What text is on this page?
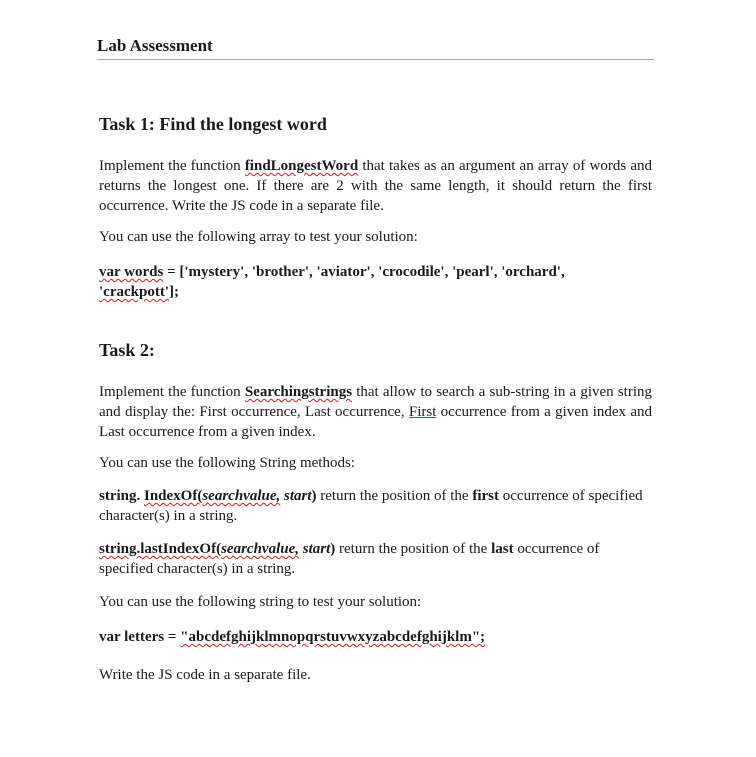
Lab Assessment
Task 1: Find the longest word
Implement the function findLongestWord that takes as an argument an array of words and returns the longest one. If there are 2 with the same length, it should return the first occurrence. Write the JS code in a separate file.
You can use the following array to test your solution:
var words = ['mystery', 'brother', 'aviator', 'crocodile', 'pearl', 'orchard',
'crackpott'];
Task 2:
Implement the function Searchingstrings that allow to search a sub-string in a given string and display the: First occurrence, Last occurrence, First occurrence from a given index and Last occurrence from a given index.
You can use the following String methods:
string. IndexOf(searchvalue, start) return the position of the first occurrence of specified character(s) in a string.
string.lastIndexOf(searchvalue, start) return the position of the last occurrence of specified character(s) in a string.
You can use the following string to test your solution:
var letters = "abcdefghijklmnopqrstuvwxyzabcdefghijklm";
Write the JS code in a separate file.
